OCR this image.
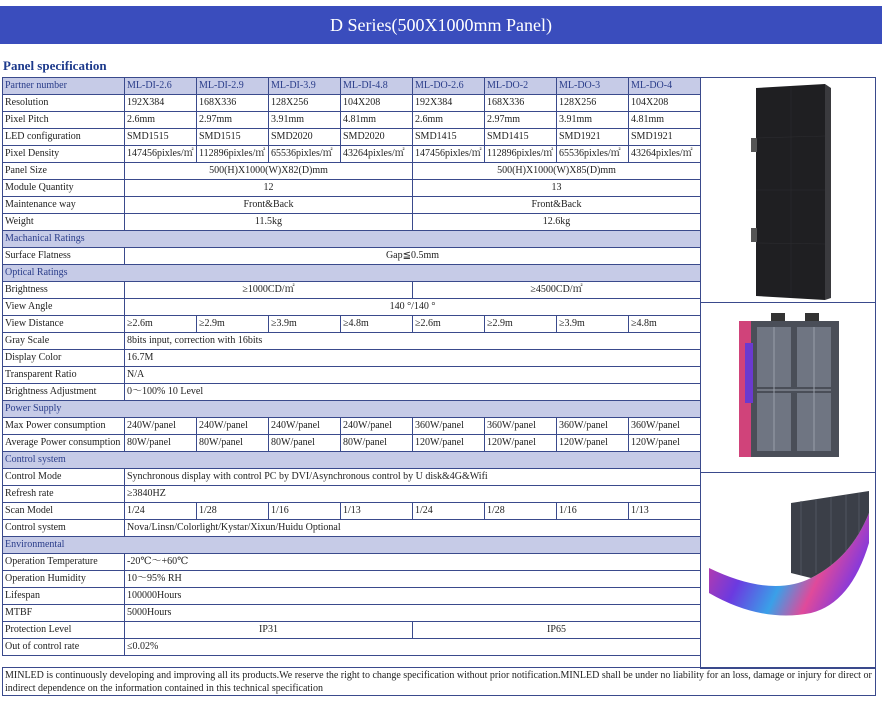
D Series(500X1000mm Panel)
Panel specification
Partner number	ML-DI-2.6	ML-DI-2.9	ML-DI-3.9	ML-DI-4.8	ML-DO-2.6	ML-DO-2	ML-DO-3	ML-DO-4
Resolution	192X384	168X336	128X256	104X208	192X384	168X336	128X256	104X208
Pixel Pitch	2.6mm	2.97mm	3.91mm	4.81mm	2.6mm	2.97mm	3.91mm	4.81mm
LED configuration	SMD1515	SMD1515	SMD2020	SMD2020	SMD1415	SMD1415	SMD1921	SMD1921
Pixel Density	147456pixles/㎡	112896pixles/㎡	65536pixles/㎡	43264pixles/㎡	147456pixles/㎡	112896pixles/㎡	65536pixles/㎡	43264pixles/㎡
Panel Size	500(H)X1000(W)X82(D)mm				500(H)X1000(W)X85(D)mm			
Module Quantity	12				13			
Maintenance way	Front&Back				Front&Back			
Weight	11.5kg				12.6kg			
Machanical Ratings								
Surface Flatness	Gap≦0.5mm							
Optical Ratings								
Brightness	≥1000CD/㎡				≥4500CD/㎡			
View Angle	140 °/140 °							
View Distance	≥2.6m	≥2.9m	≥3.9m	≥4.8m	≥2.6m	≥2.9m	≥3.9m	≥4.8m
Gray Scale	8bits input, correction with 16bits							
Display Color	16.7M							
Transparent Ratio	N/A							
Brightness Adjustment	0～100% 10 Level							
Power Supply								
Max Power consumption	240W/panel	240W/panel	240W/panel	240W/panel	360W/panel	360W/panel	360W/panel	360W/panel
Average Power consumption	80W/panel	80W/panel	80W/panel	80W/panel	120W/panel	120W/panel	120W/panel	120W/panel
Control system								
Control Mode	Synchronous display with control PC by DVI/Asynchronous control by U disk&4G&Wifi							
Refresh rate	≥3840HZ							
Scan Model	1/24	1/28	1/16	1/13	1/24	1/28	1/16	1/13
Control system	Nova/Linsn/Colorlight/Kystar/Xixun/Huidu Optional							
Environmental								
Operation Temperature	-20℃～+60℃							
Operation Humidity	10～95% RH							
Lifespan	100000Hours							
MTBF	5000Hours							
Protection Level	IP31				IP65			
Out of control rate	≤0.02%							
MINLED is continuously developing and improving all its products.We reserve the right to change specification without prior notification.MINLED shall be under no liability for an loss, damage or injury for direct or indirect dependence on the information contained in this technical specification
